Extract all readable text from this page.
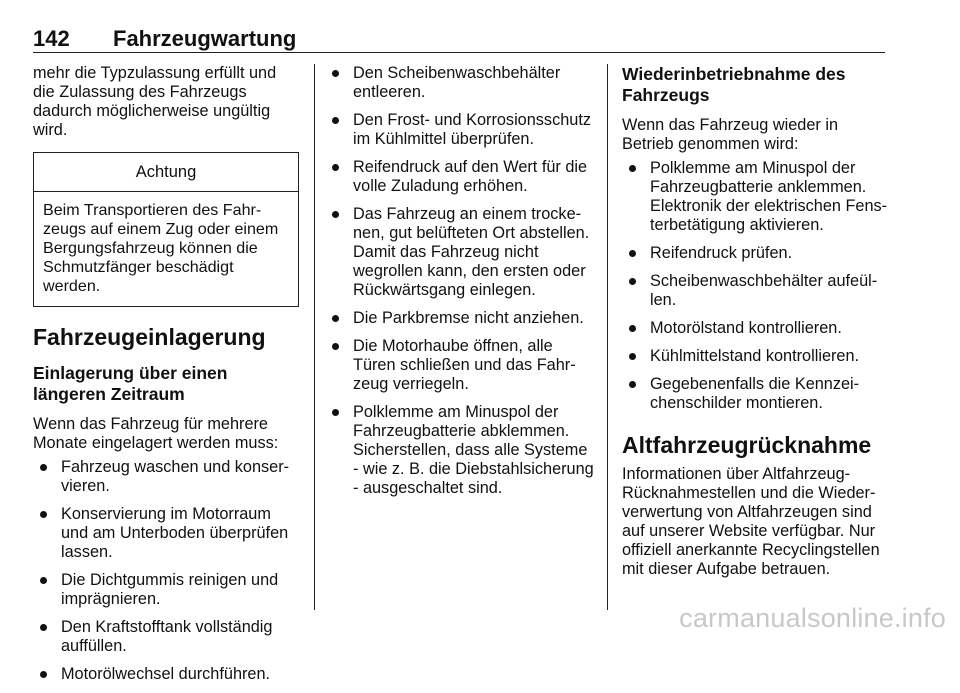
142 Fahrzeugwartung

mehr die Typzulassung erfüllt und die Zulassung des Fahrzeugs dadurch möglicherweise ungültig wird.

Achtung
Beim Transportieren des Fahr-zeugs auf einem Zug oder einem Bergungsfahrzeug können die Schmutzfänger beschädigt werden.
Fahrzeugeinlagerung
Einlagerung über einen längeren Zeitraum

Wenn das Fahrzeug für mehrere Monate eingelagert werden muss:

Fahrzeug waschen und konser-vieren.
Konservierung im Motorraum und am Unterboden überprüfen lassen.
Die Dichtgummis reinigen und imprägnieren.
Den Kraftstofftank vollständig auffüllen.
Motorölwechsel durchführen.
Den Scheibenwaschbehälter entleeren.
Den Frost- und Korrosionsschutz im Kühlmittel überprüfen.
Reifendruck auf den Wert für die volle Zuladung erhöhen.
Das Fahrzeug an einem trocke-nen, gut belüfteten Ort abstellen. Damit das Fahrzeug nicht wegrollen kann, den ersten oder Rückwärtsgang einlegen.
Die Parkbremse nicht anziehen.
Die Motorhaube öffnen, alle Türen schließen und das Fahr-zeug verriegeln.
Polklemme am Minuspol der Fahrzeugbatterie abklemmen. Sicherstellen, dass alle Systeme - wie z. B. die Diebstahlsicherung - ausgeschaltet sind.
Wiederinbetriebnahme des Fahrzeugs

Wenn das Fahrzeug wieder in Betrieb genommen wird:

Polklemme am Minuspol der Fahrzeugbatterie anklemmen. Elektronik der elektrischen Fens-terbetätigung aktivieren.
Reifendruck prüfen.
Scheibenwaschbehälter aufeül-len.
Motorölstand kontrollieren.
Kühlmittelstand kontrollieren.
Gegebenenfalls die Kennzei-chenschilder montieren.
Altfahrzeugrücknahme

Informationen über Altfahrzeug-Rücknahmestellen und die Wieder-verwertung von Altfahrzeugen sind auf unserer Website verfügbar. Nur offiziell anerkannte Recyclingstellen mit dieser Aufgabe betrauen.

carmanualsonline.info
